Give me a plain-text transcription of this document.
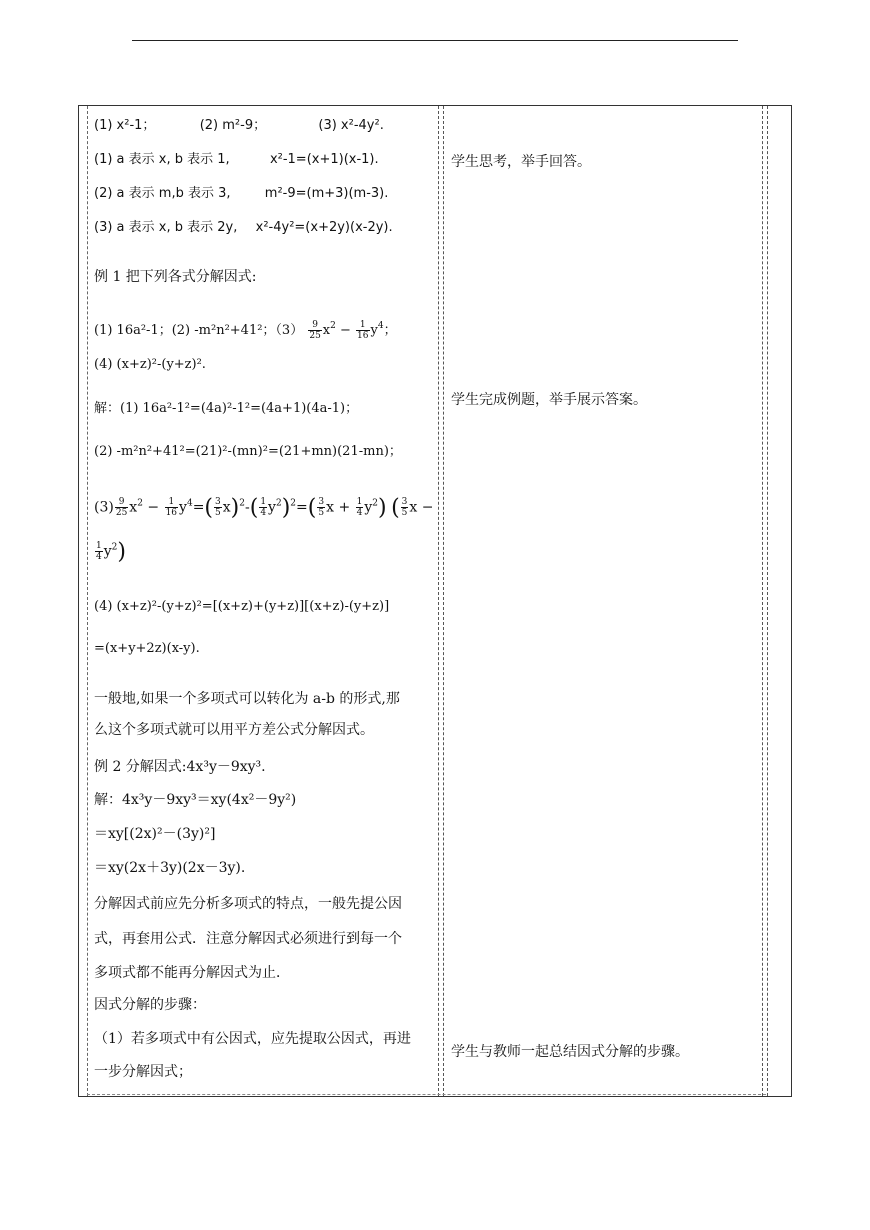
(1) x²-1；	(2) m²-9；	(3) x²-4y².
(1) a 表示 x, b 表示 1,	x²-1=(x+1)(x-1).
(2) a 表示 m,b 表示 3,	m²-9=(m+3)(m-3).
(3) a 表示 x, b 表示 2y, x²-4y²=(x+2y)(x-2y).
例 1 把下列各式分解因式:
(1) 16a²-1；(2) -m²n²+41²；$(3) \frac{9}{25} x^2 - \frac{1}{16} y^4$；
(4) (x+z)²-(y+z)².
解：(1) 16a²-1²=(4a)²-1²=(4a+1)(4a-1)；
(2) -m²n²+41²=(21)²-(mn)²=(21+mn)(21-mn)；
$(3) \frac{9}{25} x^2 - \frac{1}{16} y^4=( \frac{3}{5} x)^2-( \frac{1}{4} y^2)^2=( \frac{3}{5}$ $x + \frac{1}{4} y^2$) ( $\frac{3}{5}$ x −
$\frac{1}{4} y^2$)
(4) (x+z)²-(y+z)²=[(x+z)+(y+z)][(x+z)-(y+z)]
=(x+y+2z)(x-y).
一般地,如果一个多项式可以转化为 a-b 的形式,那
么这个多项式就可以用平方差公式分解因式。
例 2 分解因式:4x³y－9xy³.
解：4x³y－9xy³＝xy(4x²－9y²)
＝xy[(2x)²－(3y)²]
＝xy(2x＋3y)(2x－3y).
分解因式前应先分析多项式的特点，一般先提公因
式，再套用公式．注意分解因式必须进行到每一个
多项式都不能再分解因式为止．
因式分解的步骤：
（1）若多项式中有公因式，应先提取公因式，再进
一步分解因式；
学生思考，举手回答。
学生完成例题，举手展示答案。
学生与教师一起总结因式分解的步骤。
